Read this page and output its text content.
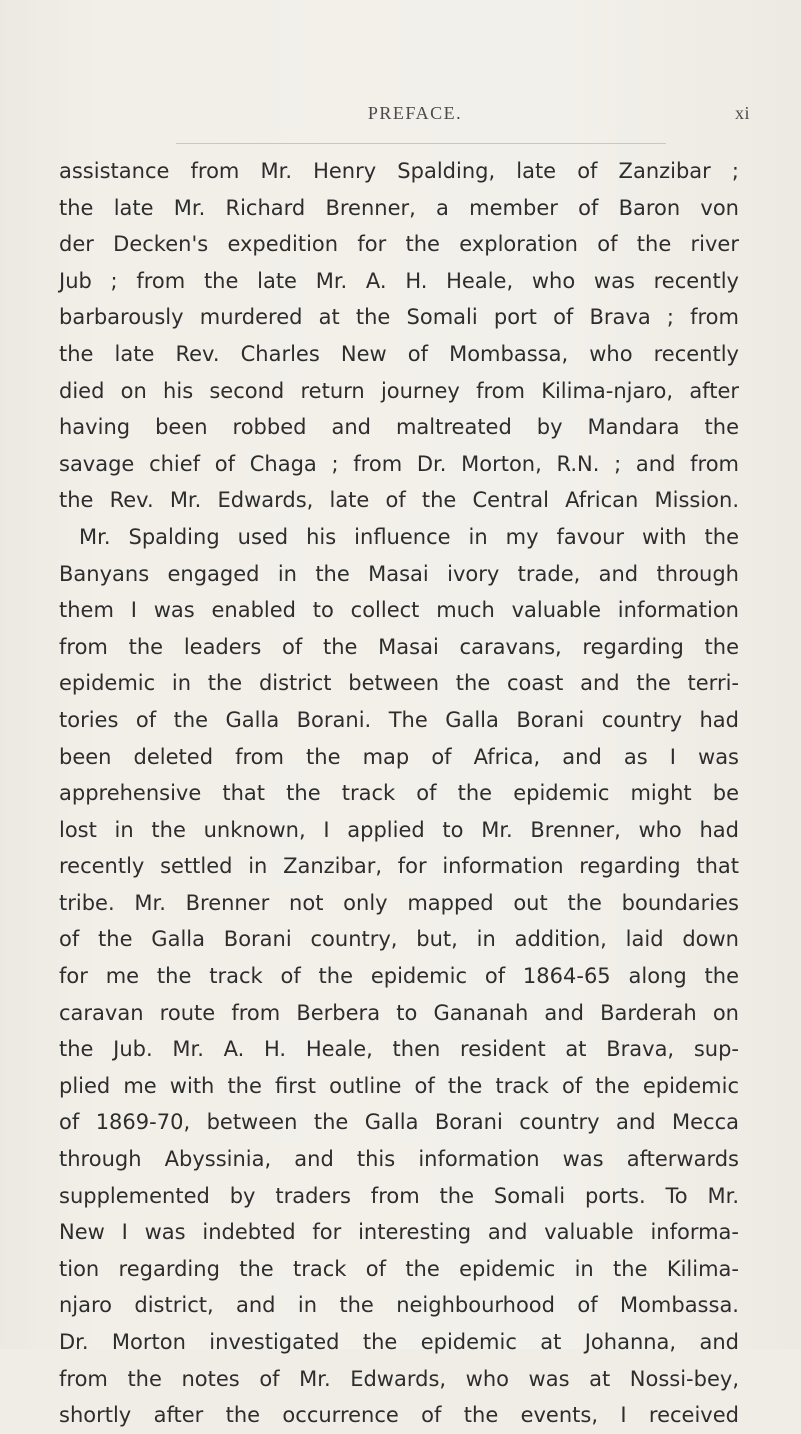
PREFACE.	xi
assistance from Mr. Henry Spalding, late of Zanzibar ;
the late Mr. Richard Brenner, a member of Baron von
der Decken's expedition for the exploration of the river
Jub ; from the late Mr. A. H. Heale, who was recently
barbarously murdered at the Somali port of Brava ; from
the late Rev. Charles New of Mombassa, who recently
died on his second return journey from Kilima-njaro, after
having been robbed and maltreated by Mandara the
savage chief of Chaga ; from Dr. Morton, R.N. ; and from
the Rev. Mr. Edwards, late of the Central African Mission.
Mr. Spalding used his influence in my favour with the
Banyans engaged in the Masai ivory trade, and through
them I was enabled to collect much valuable information
from the leaders of the Masai caravans, regarding the
epidemic in the district between the coast and the terri-
tories of the Galla Borani. The Galla Borani country had
been deleted from the map of Africa, and as I was
apprehensive that the track of the epidemic might be
lost in the unknown, I applied to Mr. Brenner, who had
recently settled in Zanzibar, for information regarding that
tribe. Mr. Brenner not only mapped out the boundaries
of the Galla Borani country, but, in addition, laid down
for me the track of the epidemic of 1864-65 along the
caravan route from Berbera to Gananah and Barderah on
the Jub. Mr. A. H. Heale, then resident at Brava, sup-
plied me with the first outline of the track of the epidemic
of 1869-70, between the Galla Borani country and Mecca
through Abyssinia, and this information was afterwards
supplemented by traders from the Somali ports. To Mr.
New I was indebted for interesting and valuable informa-
tion regarding the track of the epidemic in the Kilima-
njaro district, and in the neighbourhood of Mombassa.
Dr. Morton investigated the epidemic at Johanna, and
from the notes of Mr. Edwards, who was at Nossi-bey,
shortly after the occurrence of the events, I received
